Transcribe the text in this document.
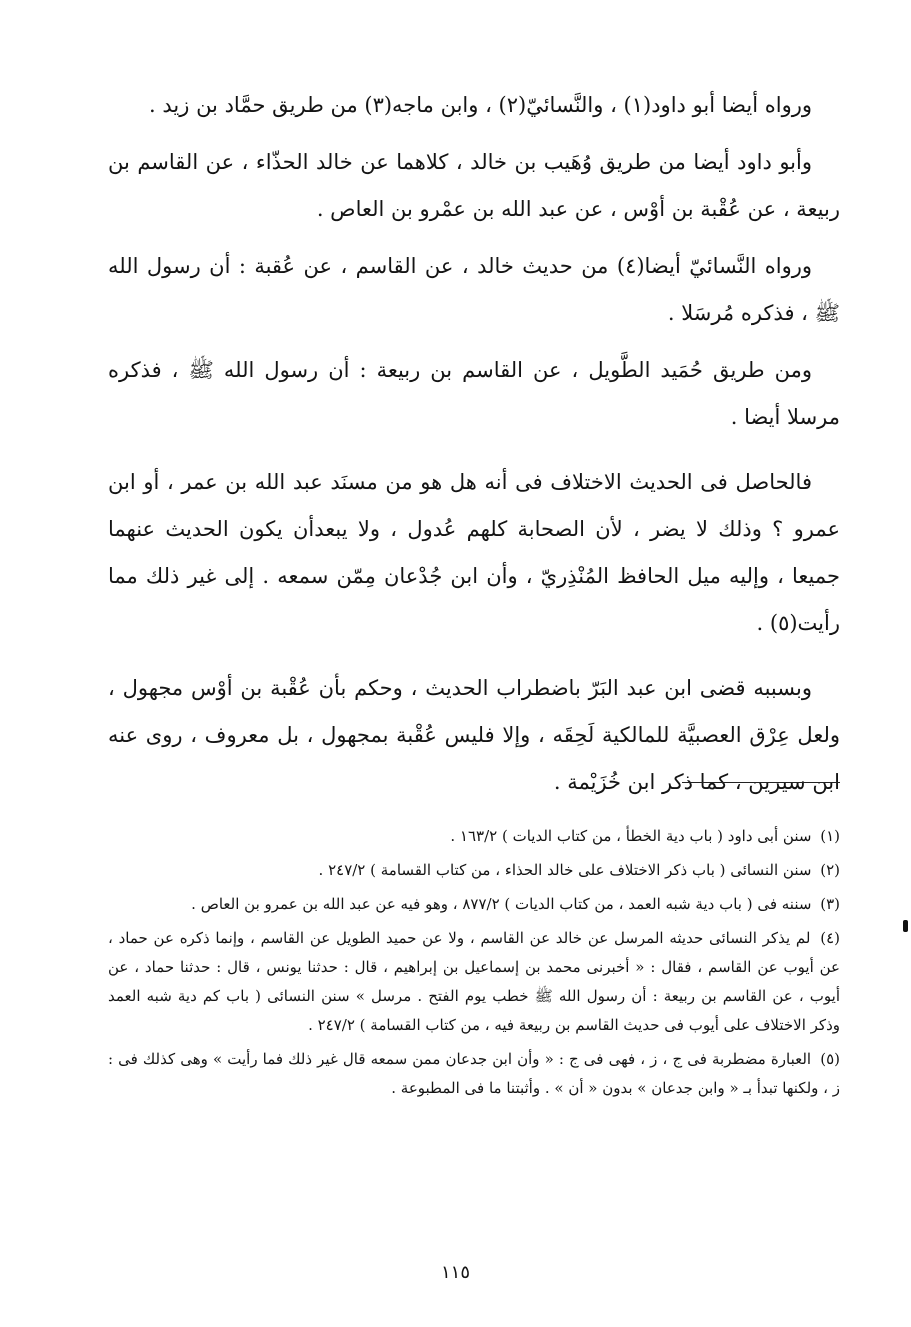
ورواه أيضا أبو داود(١) ، والنَّسائيّ(٢) ، وابن ماجه(٣) من طريق حمَّاد بن زيد .

وأبو داود أيضا من طريق وُهَيب بن خالد ، كلاهما عن خالد الحذّاء ، عن القاسم بن ربيعة ، عن عُقْبة بن أوْس ، عن عبد الله بن عمْرو بن العاص .

ورواه النَّسائيّ أيضا(٤) من حديث خالد ، عن القاسم ، عن عُقبة : أن رسول الله ﷺ ، فذكره مُرسَلا .

ومن طريق حُمَيد الطَّويل ، عن القاسم بن ربيعة : أن رسول الله ﷺ ، فذكره مرسلا أيضا .

فالحاصل فى الحديث الاختلاف فى أنه هل هو من مسنَد عبد الله بن عمر ، أو ابن عمرو ؟ وذلك لا يضر ، لأن الصحابة كلهم عُدول ، ولا يبعدأن يكون الحديث عنهما جميعا ، وإليه ميل الحافظ المُنْذِريّ ، وأن ابن جُدْعان مِمّن سمعه . إلى غير ذلك مما رأيت(٥) .

وبسببه قضى ابن عبد البَرّ باضطراب الحديث ، وحكم بأن عُقْبة بن أوْس مجهول ، ولعل عِرْق العصبيَّة للمالكية لَحِقَه ، وإلا فليس عُقْبة بمجهول ، بل معروف ، روى عنه ابن سيرين ، كما ذكر ابن خُزَيْمة .

(١) سنن أبى داود ( باب دية الخطأ ، من كتاب الديات ) ١٦٣/٢ .

(٢) سنن النسائى ( باب ذكر الاختلاف على خالد الحذاء ، من كتاب القسامة ) ٢٤٧/٢ .

(٣) سننه فى ( باب دية شبه العمد ، من كتاب الديات ) ٨٧٧/٢ ، وهو فيه عن عبد الله بن عمرو بن العاص .

(٤) لم يذكر النسائى حديثه المرسل عن خالد عن القاسم ، ولا عن حميد الطويل عن القاسم ، وإنما ذكره عن حماد ، عن أيوب عن القاسم ، فقال : « أخبرنى محمد بن إسماعيل بن إبراهيم ، قال : حدثنا يونس ، قال : حدثنا حماد ، عن أيوب ، عن القاسم بن ربيعة : أن رسول الله ﷺ خطب يوم الفتح . مرسل » سنن النسائى ( باب كم دية شبه العمد وذكر الاختلاف على أيوب فى حديث القاسم بن ربيعة فيه ، من كتاب القسامة ) ٢٤٧/٢ .

(٥) العبارة مضطربة فى ج ، ز ، فهى فى ج : « وأن ابن جدعان ممن سمعه قال غير ذلك فما رأيت » وهى كذلك فى : ز ، ولكنها تبدأ بـ « وابن جدعان » بدون « أن » . وأثبتنا ما فى المطبوعة .

١١٥
